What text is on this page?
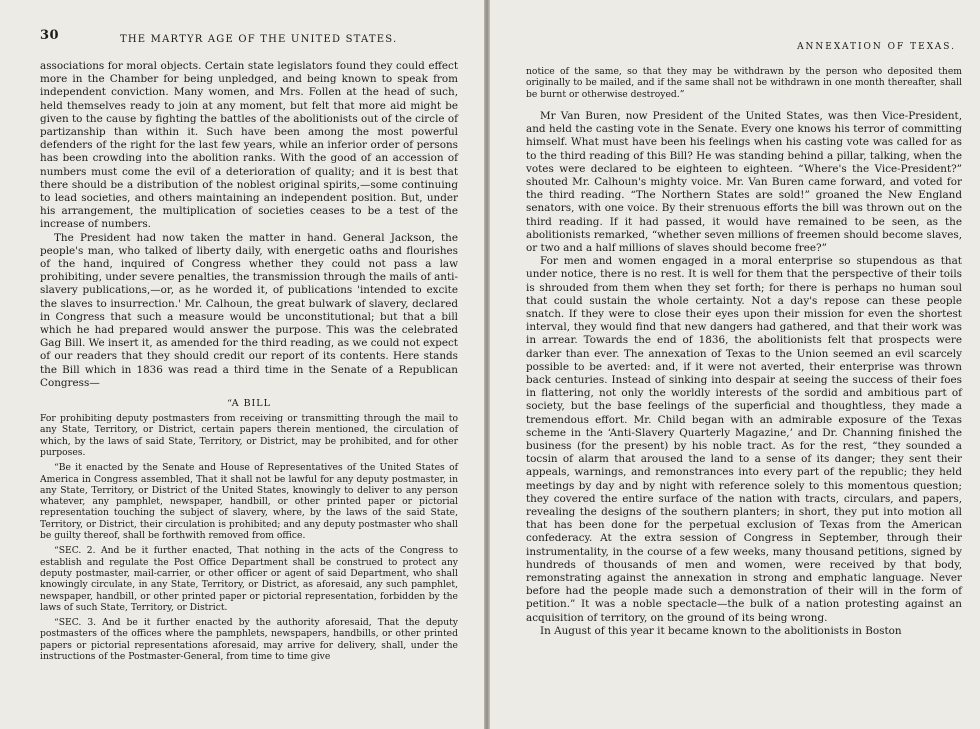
30	THE MARTYR AGE OF THE UNITED STATES.

associations for moral objects. Certain state legislators found they could effect more in the Chamber for being unpledged, and being known to speak from independent conviction. Many women, and Mrs. Follen at the head of such, held themselves ready to join at any moment, but felt that more aid might be given to the cause by fighting the battles of the abolitionists out of the circle of partizanship than within it. Such have been among the most powerful defenders of the right for the last few years, while an inferior order of persons has been crowding into the abolition ranks. With the good of an accession of numbers must come the evil of a deterioration of quality; and it is best that there should be a distribution of the noblest original spirits,—some continuing to lead societies, and others maintaining an independent position. But, under his arrangement, the multiplication of societies ceases to be a test of the increase of numbers.

The President had now taken the matter in hand. General Jackson, the people's man, who talked of liberty daily, with energetic oaths and flourishes of the hand, inquired of Congress whether they could not pass a law prohibiting, under severe penalties, the transmission through the mails of anti-slavery publications,—or, as he worded it, of publications 'intended to excite the slaves to insurrection.' Mr. Calhoun, the great bulwark of slavery, declared in Congress that such a measure would be unconstitutional; but that a bill which he had prepared would answer the purpose. This was the celebrated Gag Bill. We insert it, as amended for the third reading, as we could not expect of our readers that they should credit our report of its contents. Here stands the Bill which in 1836 was read a third time in the Senate of a Republican Congress—

“A BILL

For prohibiting deputy postmasters from receiving or transmitting through the mail to any State, Territory, or District, certain papers therein mentioned, the circulation of which, by the laws of said State, Territory, or District, may be prohibited, and for other purposes.

“Be it enacted by the Senate and House of Representatives of the United States of America in Congress assembled, That it shall not be lawful for any deputy postmaster, in any State, Territory, or District of the United States, knowingly to deliver to any person whatever, any pamphlet, newspaper, handbill, or other printed paper or pictorial representation touching the subject of slavery, where, by the laws of the said State, Territory, or District, their circulation is prohibited; and any deputy postmaster who shall be guilty thereof, shall be forthwith removed from office.

“SEC. 2. And be it further enacted, That nothing in the acts of the Congress to establish and regulate the Post Office Department shall be construed to protect any deputy postmaster, mail-carrier, or other officer or agent of said Department, who shall knowingly circulate, in any State, Territory, or District, as aforesaid, any such pamphlet, newspaper, handbill, or other printed paper or pictorial representation, forbidden by the laws of such State, Territory, or District.

“SEC. 3. And be it further enacted by the authority aforesaid, That the deputy postmasters of the offices where the pamphlets, newspapers, handbills, or other printed papers or pictorial representations aforesaid, may arrive for delivery, shall, under the instructions of the Postmaster-General, from time to time give

ANNEXATION OF TEXAS.

notice of the same, so that they may be withdrawn by the person who deposited them originally to be mailed, and if the same shall not be withdrawn in one month thereafter, shall be burnt or otherwise destroyed.”

Mr Van Buren, now President of the United States, was then Vice-President, and held the casting vote in the Senate. Every one knows his terror of committing himself. What must have been his feelings when his casting vote was called for as to the third reading of this Bill? He was standing behind a pillar, talking, when the votes were declared to be eighteen to eighteen. “Where's the Vice-President?” shouted Mr. Calhoun's mighty voice. Mr. Van Buren came forward, and voted for the third reading. “The Northern States are sold!” groaned the New England senators, with one voice. By their strenuous efforts the bill was thrown out on the third reading. If it had passed, it would have remained to be seen, as the abolitionists remarked, “whether seven millions of freemen should become slaves, or two and a half millions of slaves should become free?”

For men and women engaged in a moral enterprise so stupendous as that under notice, there is no rest. It is well for them that the perspective of their toils is shrouded from them when they set forth; for there is perhaps no human soul that could sustain the whole certainty. Not a day's repose can these people snatch. If they were to close their eyes upon their mission for even the shortest interval, they would find that new dangers had gathered, and that their work was in arrear. Towards the end of 1836, the abolitionists felt that prospects were darker than ever. The annexation of Texas to the Union seemed an evil scarcely possible to be averted: and, if it were not averted, their enterprise was thrown back centuries. Instead of sinking into despair at seeing the success of their foes in flattering, not only the worldly interests of the sordid and ambitious part of society, but the base feelings of the superficial and thoughtless, they made a tremendous effort. Mr. Child began with an admirable exposure of the Texas scheme in the ‘Anti-Slavery Quarterly Magazine,’ and Dr. Channing finished the business (for the present) by his noble tract. As for the rest, “they sounded a tocsin of alarm that aroused the land to a sense of its danger; they sent their appeals, warnings, and remonstrances into every part of the republic; they held meetings by day and by night with reference solely to this momentous question; they covered the entire surface of the nation with tracts, circulars, and papers, revealing the designs of the southern planters; in short, they put into motion all that has been done for the perpetual exclusion of Texas from the American confederacy. At the extra session of Congress in September, through their instrumentality, in the course of a few weeks, many thousand petitions, signed by hundreds of thousands of men and women, were received by that body, remonstrating against the annexation in strong and emphatic language. Never before had the people made such a demonstration of their will in the form of petition.” It was a noble spectacle—the bulk of a nation protesting against an acquisition of territory, on the ground of its being wrong.

In August of this year it became known to the abolitionists in Boston
